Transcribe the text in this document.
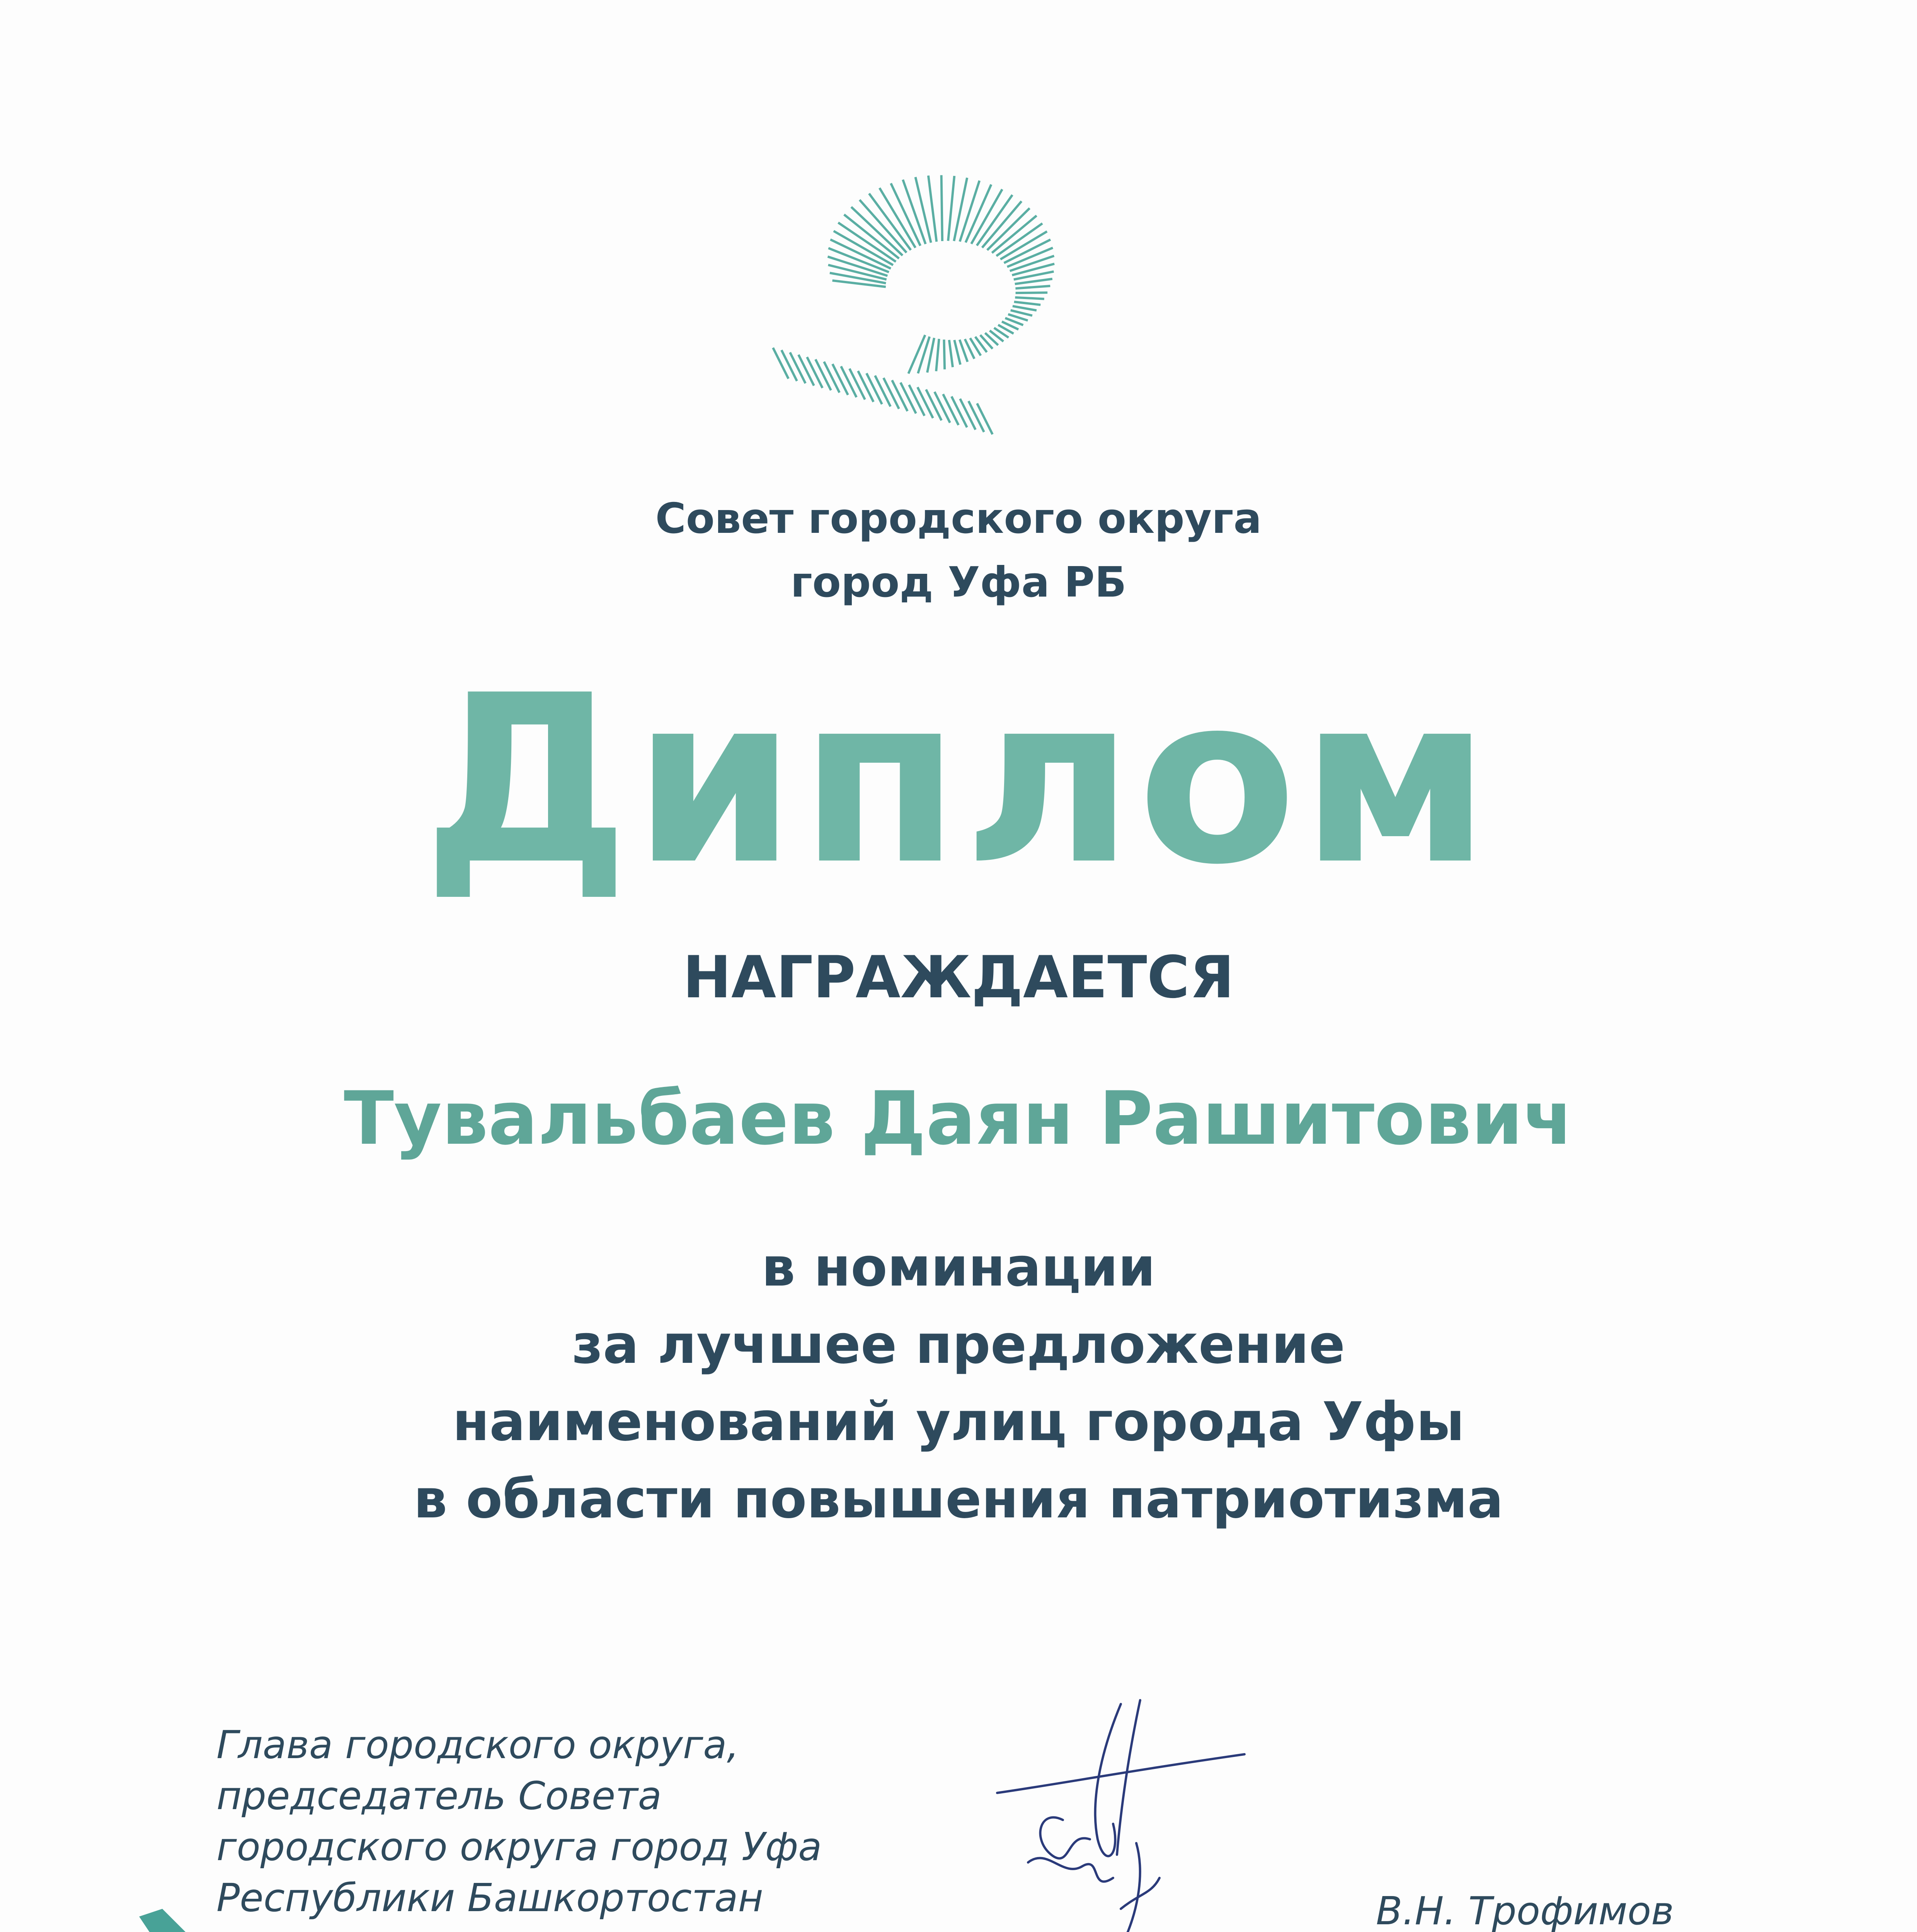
Совет городского округа
город Уфа РБ
Диплом
НАГРАЖДАЕТСЯ
Тувальбаев Даян Рашитович
в номинации
за лучшее предложение
наименований улиц города Уфы
в области повышения патриотизма
Глава городского округа,
председатель Совета
городского округа город Уфа
Республики Башкортостан	В.Н. Трофимов
